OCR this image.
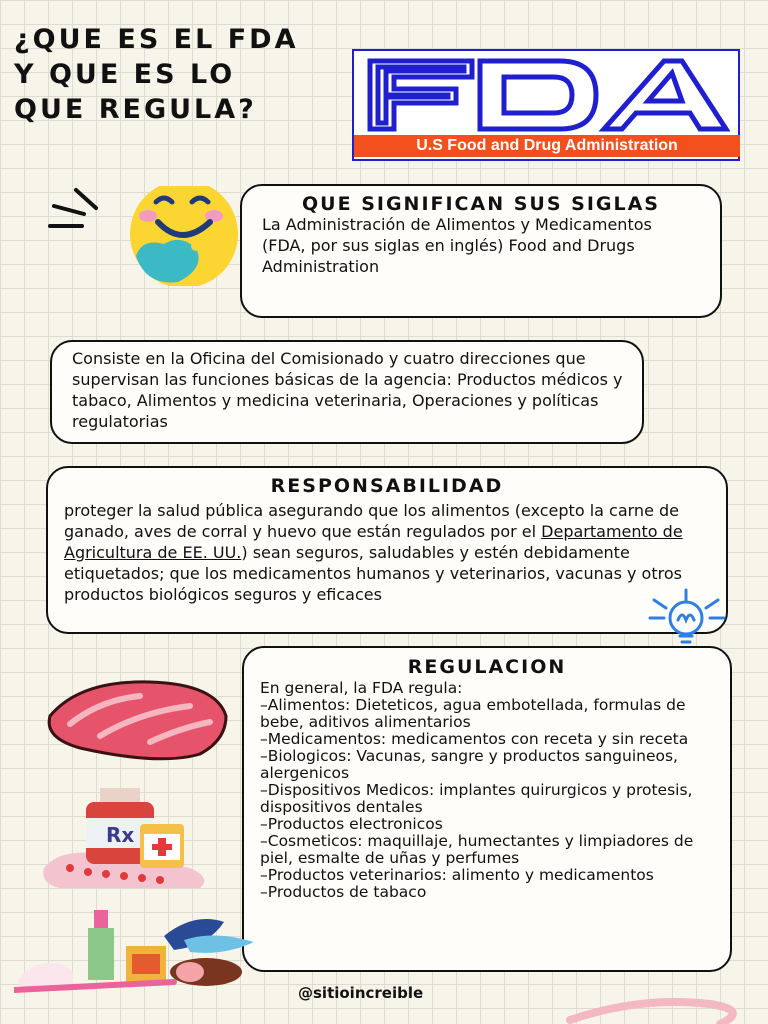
¿QUE ES EL FDA
Y QUE ES LO
QUE REGULA?
U.S Food and Drug Administration
QUE SIGNIFICAN SUS SIGLAS
La Administración de Alimentos y Medicamentos (FDA, por sus siglas en inglés) Food and Drugs Administration
Consiste en la Oficina del Comisionado y cuatro direcciones que supervisan las funciones básicas de la agencia: Productos médicos y tabaco, Alimentos y medicina veterinaria, Operaciones y políticas regulatorias
RESPONSABILIDAD
proteger la salud pública asegurando que los alimentos (excepto la carne de ganado, aves de corral y huevo que están regulados por el Departamento de Agricultura de EE. UU.) sean seguros, saludables y estén debidamente etiquetados; que los medicamentos humanos y veterinarios, vacunas y otros productos biológicos seguros y eficaces
REGULACION
En general, la FDA regula:
–Alimentos: Dieteticos, agua embotellada, formulas de bebe, aditivos alimentarios
–Medicamentos: medicamentos con receta y sin receta
–Biologicos: Vacunas, sangre y productos sanguineos, alergenicos
–Dispositivos Medicos: implantes quirurgicos y protesis, dispositivos dentales
–Productos electronicos
–Cosmeticos: maquillaje, humectantes y limpiadores de piel, esmalte de uñas y perfumes
–Productos veterinarios: alimento y medicamentos
–Productos de tabaco
Rx
@sitioincreible
